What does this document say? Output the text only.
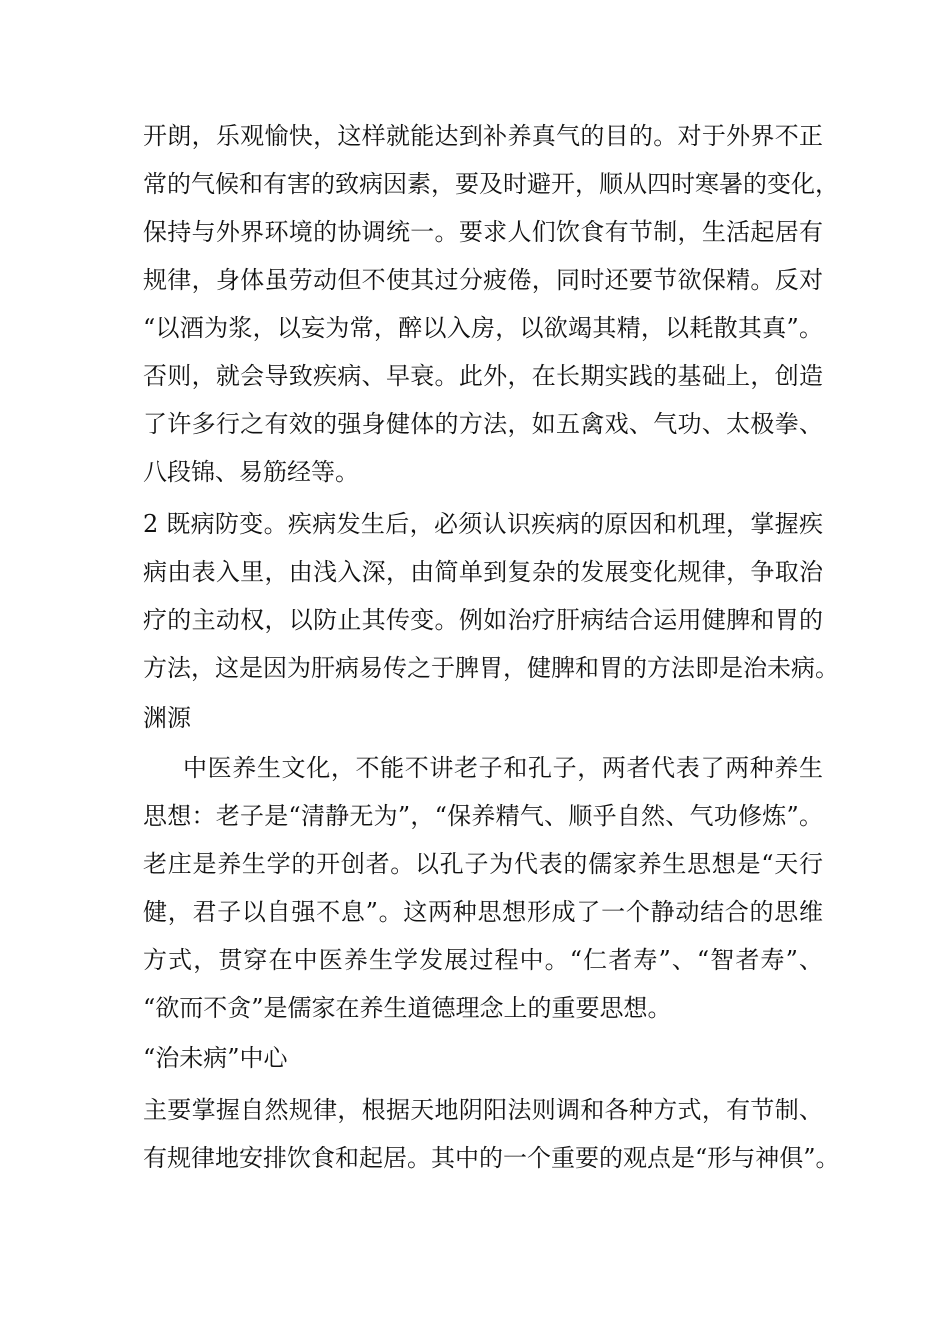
开朗，乐观愉快，这样就能达到补养真气的目的。对于外界不正
常的气候和有害的致病因素，要及时避开，顺从四时寒暑的变化，
保持与外界环境的协调统一。要求人们饮食有节制，生活起居有
规律，身体虽劳动但不使其过分疲倦，同时还要节欲保精。反对
“以酒为浆，以妄为常，醉以入房，以欲竭其精，以耗散其真”。
否则，就会导致疾病、早衰。此外，在长期实践的基础上，创造
了许多行之有效的强身健体的方法，如五禽戏、气功、太极拳、
八段锦、易筋经等。
2 既病防变。疾病发生后，必须认识疾病的原因和机理，掌握疾
病由表入里，由浅入深，由简单到复杂的发展变化规律，争取治
疗的主动权，以防止其传变。例如治疗肝病结合运用健脾和胃的
方法，这是因为肝病易传之于脾胃，健脾和胃的方法即是治未病。
渊源
中医养生文化，不能不讲老子和孔子，两者代表了两种养生
思想：老子是“清静无为”，“保养精气、顺乎自然、气功修炼”。
老庄是养生学的开创者。以孔子为代表的儒家养生思想是“天行
健，君子以自强不息”。这两种思想形成了一个静动结合的思维
方式，贯穿在中医养生学发展过程中。“仁者寿”、“智者寿”、
“欲而不贪”是儒家在养生道德理念上的重要思想。
“治未病”中心
主要掌握自然规律，根据天地阴阳法则调和各种方式，有节制、
有规律地安排饮食和起居。其中的一个重要的观点是“形与神俱”。
